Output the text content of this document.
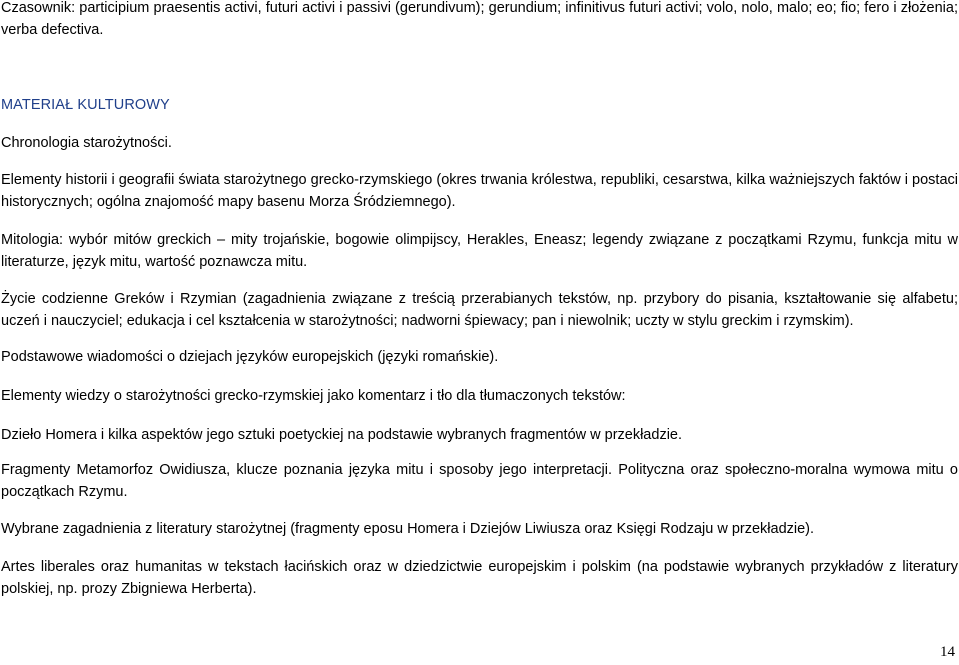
Czasownik: participium praesentis activi, futuri activi i passivi (gerundivum); gerundium; infinitivus futuri activi; volo, nolo, malo; eo; fio; fero i złożenia; verba defectiva.

MATERIAŁ KULTUROWY

Chronologia starożytności.

Elementy historii i geografii świata starożytnego grecko-rzymskiego (okres trwania królestwa, republiki, cesarstwa, kilka ważniejszych faktów i postaci historycznych; ogólna znajomość mapy basenu Morza Śródziemnego).

Mitologia: wybór mitów greckich – mity trojańskie, bogowie olimpijscy, Herakles, Eneasz; legendy związane z początkami Rzymu, funkcja mitu w literaturze, język mitu, wartość poznawcza mitu.

Życie codzienne Greków i Rzymian (zagadnienia związane z treścią przerabianych tekstów, np. przybory do pisania, kształtowanie się alfabetu; uczeń i nauczyciel; edukacja i cel kształcenia w starożytności; nadworni śpiewacy; pan i niewolnik; uczty w stylu greckim i rzymskim).

Podstawowe wiadomości o dziejach języków europejskich (języki romańskie).

Elementy wiedzy o starożytności grecko-rzymskiej jako komentarz i tło dla tłumaczonych tekstów:

Dzieło Homera i kilka aspektów jego sztuki poetyckiej na podstawie wybranych fragmentów w przekładzie.

Fragmenty Metamorfoz Owidiusza, klucze poznania języka mitu i sposoby jego interpretacji. Polityczna oraz społeczno-moralna wymowa mitu o początkach Rzymu.

Wybrane zagadnienia z literatury starożytnej (fragmenty eposu Homera i Dziejów Liwiusza oraz Księgi Rodzaju w przekładzie).

Artes liberales oraz humanitas w tekstach łacińskich oraz w dziedzictwie europejskim i polskim (na podstawie wybranych przykładów z literatury polskiej, np. prozy Zbigniewa Herberta).

14
